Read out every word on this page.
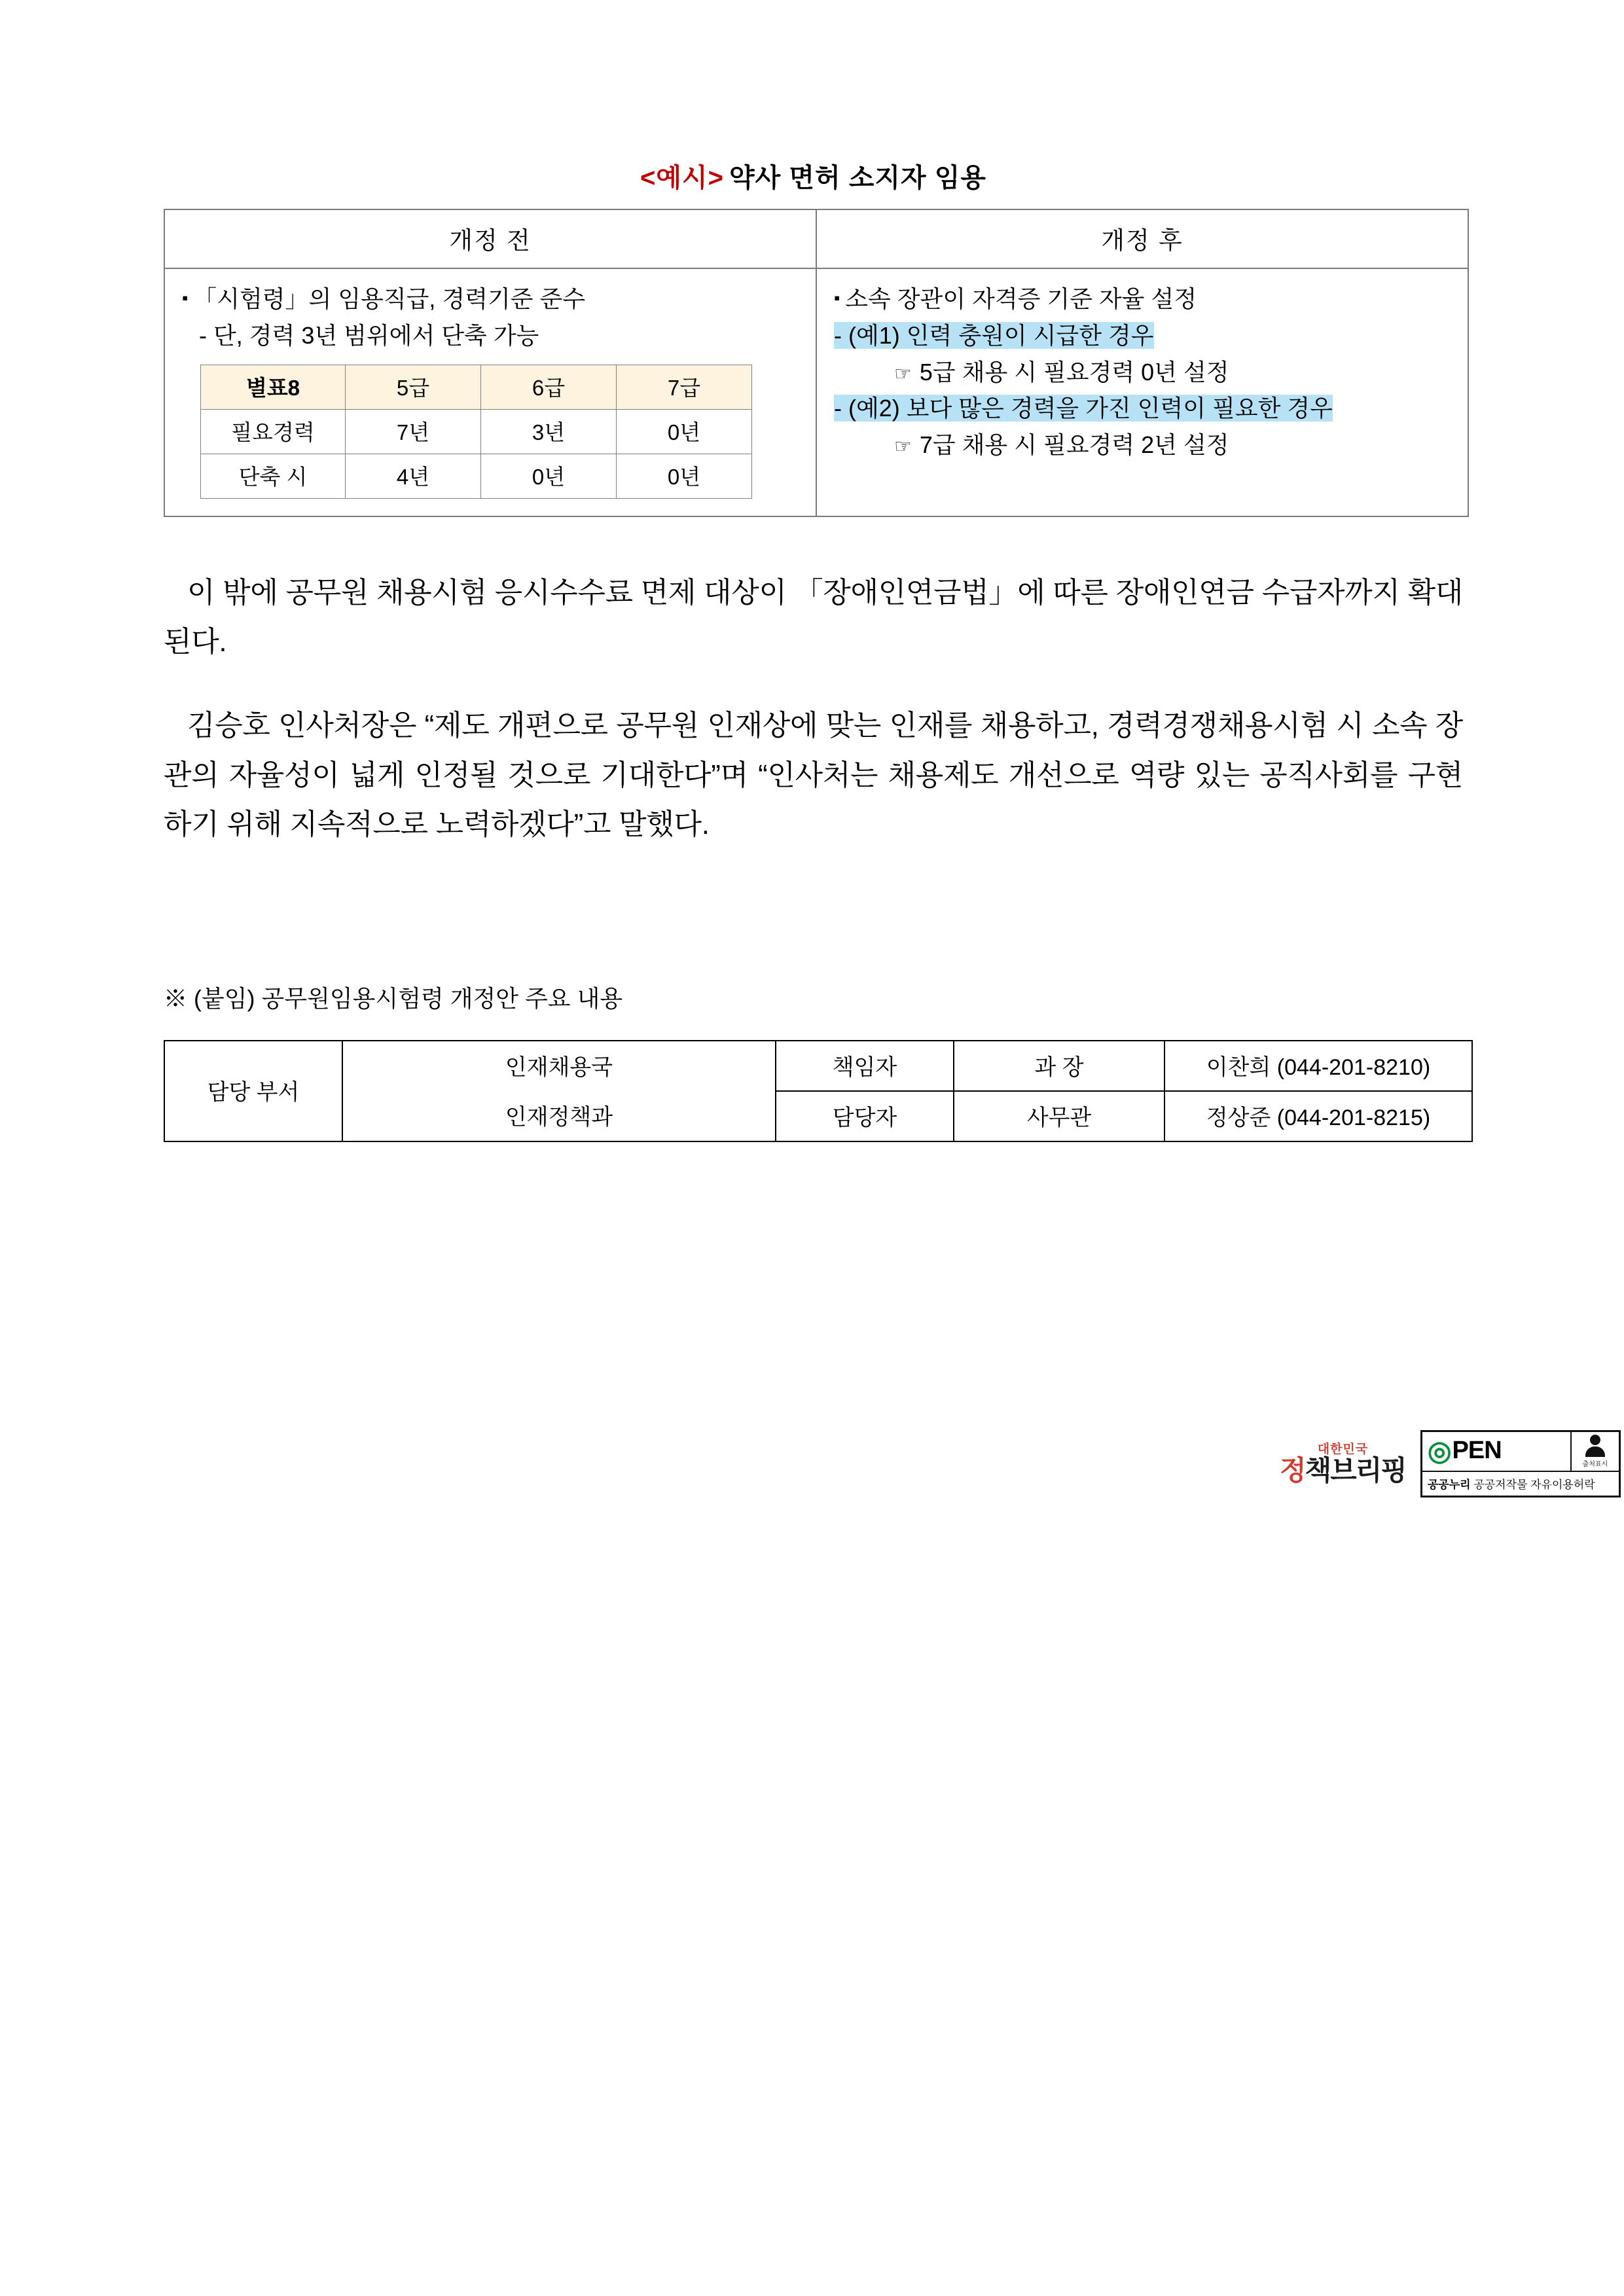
<예시> 약사 면허 소지자 임용
개정 전	개정 후

▪ 「시험령」의 임용직급, 경력기준 준수
- 단, 경력 3년 범위에서 단축 가능
별표8	5급	6급	7급
필요경력	7년	3년	0년
단축 시	4년	0년	0년

▪ 소속 장관이 자격증 기준 자율 설정
- (예1) 인력 충원이 시급한 경우
☞ 5급 채용 시 필요경력 0년 설정
- (예2) 보다 많은 경력을 가진 인력이 필요한 경우
☞ 7급 채용 시 필요경력 2년 설정

이 밖에 공무원 채용시험 응시수수료 면제 대상이 「장애인연금법」에 따른 장애인연금 수급자까지 확대된다.

김승호 인사처장은 “제도 개편으로 공무원 인재상에 맞는 인재를 채용하고, 경력경쟁채용시험 시 소속 장관의 자율성이 넓게 인정될 것으로 기대한다”며 “인사처는 채용제도 개선으로 역량 있는 공직사회를 구현하기 위해 지속적으로 노력하겠다”고 말했다.

※ (붙임) 공무원임용시험령 개정안 주요 내용
담당 부서	인재채용국	책임자	과 장	이찬희 (044-201-8210)
	인재정책과	담당자	사무관	정상준 (044-201-8215)
대한민국
정책브리핑
◎ PEN
출처표시
공공누리 공공저작물 자유이용허락
